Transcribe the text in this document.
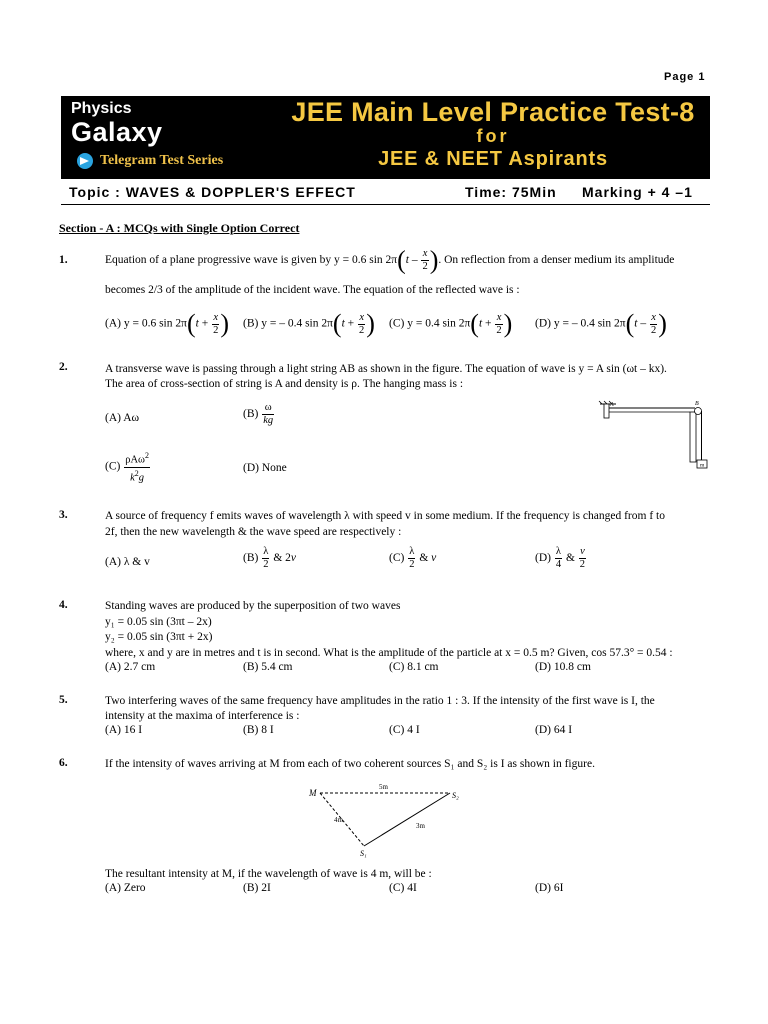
Page 1
Physics
Galaxy
Telegram Test Series
JEE Main Level Practice Test-8
for
JEE & NEET Aspirants
Topic : WAVES & DOPPLER'S EFFECT	Time: 75Min Marking + 4 –1
Section - A : MCQs with Single Option Correct
1.	Equation of a plane progressive wave is given by y = 0.6 $\sin 2\pi(t - \frac{x}{2}$ ). On reflection from a denser medium its amplitude
becomes 2/3 of the amplitude of the incident wave. The equation of the reflected wave is :
(A) y = 0.6 $\sin 2\pi(t + \frac{x}{2}$ ) (B) y = – 0.4 $\sin 2\pi(t + \frac{x}{2}$ ) (C) y = 0.4 $\sin 2\pi(t + \frac{x}{2}$ ) (D) y = – 0.4 $\sin 2\pi(t - \frac{x}{2}$ )
2.	A transverse wave is passing through a light string AB as shown in the figure. The equation of wave is y = A sin (ωt – kx).
The area of cross-section of string is A and density is ρ. The hanging mass is :
(A) Aω	$(B) \frac{\omega}{kg}$
$(C) \frac{\rho A\omega^2}{k^2g}$	(D) None
A	B
m
3.	A source of frequency f emits waves of wavelength λ with speed v in some medium. If the frequency is changed from f to
2f, then the new wavelength & the wave speed are respectively :
(A) λ & v	$(B) \frac{\lambda}{2}$ & 2v	$(C) \frac{\lambda}{2}$ & v	$(D) \frac{\lambda}{4}$ & $\frac{v}{2}$
4.	Standing waves are produced by the superposition of two waves
y₁ = 0.05 sin (3πt – 2x)
y₂ = 0.05 sin (3πt + 2x)
where, x and y are in metres and t is in second. What is the amplitude of the particle at x = 0.5 m? Given, cos 57.3° = 0.54 :
(A) 2.7 cm	(B) 5.4 cm	(C) 8.1 cm	(D) 10.8 cm
5.	Two interfering waves of the same frequency have amplitudes in the ratio 1 : 3. If the intensity of the first wave is I, the
intensity at the maxima of interference is :
(A) 16 I	(B) 8 I	(C) 4 I	(D) 64 I
6.	If the intensity of waves arriving at M from each of two coherent sources S₁ and S₂ is I as shown in figure.
M
5m
S₂
4m
3m
S₁
The resultant intensity at M, if the wavelength of wave is 4 m, will be :
(A) Zero	(B) 2I	(C) 4I	(D) 6I
